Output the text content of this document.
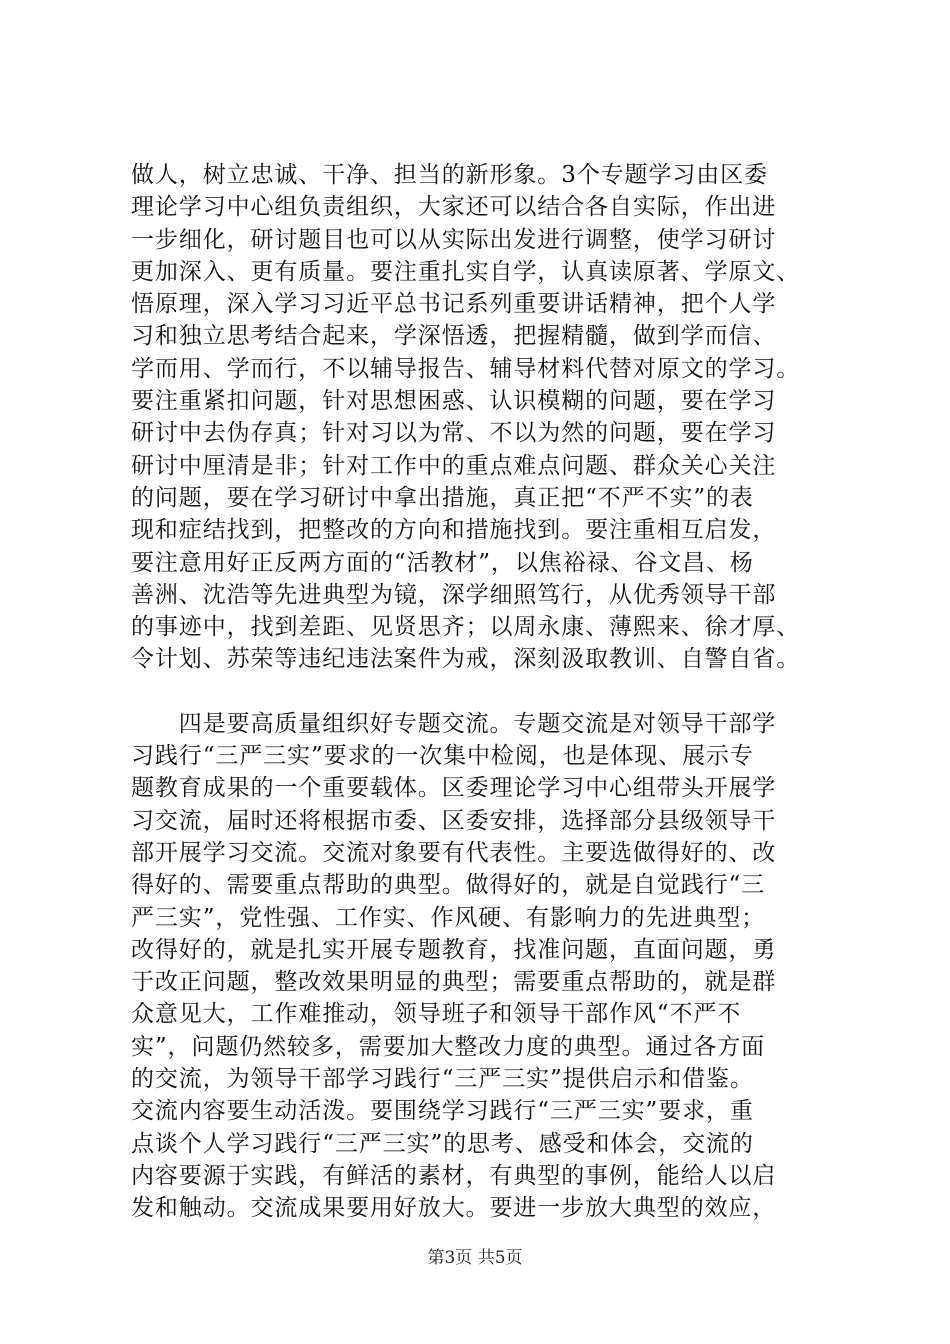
做人，树立忠诚、干净、担当的新形象。3个专题学习由区委

理论学习中心组负责组织，大家还可以结合各自实际，作出进

一步细化，研讨题目也可以从实际出发进行调整，使学习研讨

更加深入、更有质量。要注重扎实自学，认真读原著、学原文、

悟原理，深入学习习近平总书记系列重要讲话精神，把个人学

习和独立思考结合起来，学深悟透，把握精髓，做到学而信、

学而用、学而行，不以辅导报告、辅导材料代替对原文的学习。

要注重紧扣问题，针对思想困惑、认识模糊的问题，要在学习

研讨中去伪存真；针对习以为常、不以为然的问题，要在学习

研讨中厘清是非；针对工作中的重点难点问题、群众关心关注

的问题，要在学习研讨中拿出措施，真正把“不严不实”的表

现和症结找到，把整改的方向和措施找到。要注重相互启发，

要注意用好正反两方面的“活教材”，以焦裕禄、谷文昌、杨

善洲、沈浩等先进典型为镜，深学细照笃行，从优秀领导干部

的事迹中，找到差距、见贤思齐；以周永康、薄熙来、徐才厚、

令计划、苏荣等违纪违法案件为戒，深刻汲取教训、自警自省。

　　四是要高质量组织好专题交流。专题交流是对领导干部学

习践行“三严三实”要求的一次集中检阅，也是体现、展示专

题教育成果的一个重要载体。区委理论学习中心组带头开展学

习交流，届时还将根据市委、区委安排，选择部分县级领导干

部开展学习交流。交流对象要有代表性。主要选做得好的、改

得好的、需要重点帮助的典型。做得好的，就是自觉践行“三

严三实”，党性强、工作实、作风硬、有影响力的先进典型；

改得好的，就是扎实开展专题教育，找准问题，直面问题，勇

于改正问题，整改效果明显的典型；需要重点帮助的，就是群

众意见大，工作难推动，领导班子和领导干部作风“不严不

实”，问题仍然较多，需要加大整改力度的典型。通过各方面

的交流，为领导干部学习践行“三严三实”提供启示和借鉴。

交流内容要生动活泼。要围绕学习践行“三严三实”要求，重

点谈个人学习践行“三严三实”的思考、感受和体会，交流的

内容要源于实践，有鲜活的素材，有典型的事例，能给人以启

发和触动。交流成果要用好放大。要进一步放大典型的效应，

第3页 共5页
